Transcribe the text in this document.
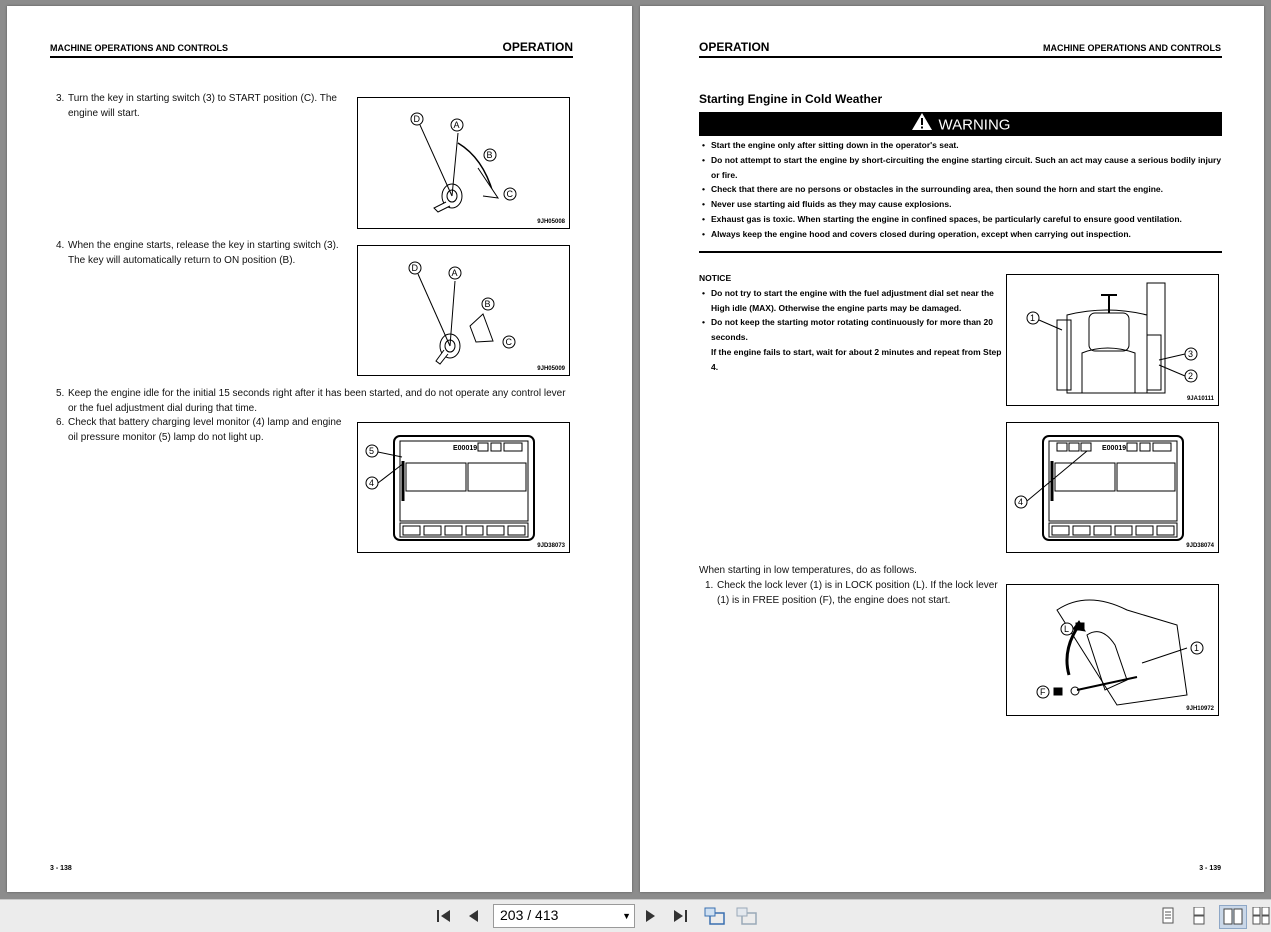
MACHINE OPERATIONS AND CONTROLS	OPERATION
3. Turn the key in starting switch (3) to START position (C). The
engine will start.
D
A
B
C
9JH05008
4. When the engine starts, release the key in starting switch (3).
The key will automatically return to ON position (B).
D	A
B
C
9JH05009
5. Keep the engine idle for the initial 15 seconds right after it has been started, and do not operate any control lever
or the fuel adjustment dial during that time.
6. Check that battery charging level monitor (4) lamp and engine
oil pressure monitor (5) lamp do not light up.
E00019
5
4
9JD38073
3 - 138
OPERATION	MACHINE OPERATIONS AND CONTROLS
Starting Engine in Cold Weather
WARNING
• Start the engine only after sitting down in the operator's seat.
• Do not attempt to start the engine by short-circuiting the engine starting circuit. Such an act may cause a serious bodily injury
or fire.
• Check that there are no persons or obstacles in the surrounding area, then sound the horn and start the engine.
• Never use starting aid fluids as they may cause explosions.
• Exhaust gas is toxic. When starting the engine in confined spaces, be particularly careful to ensure good ventilation.
• Always keep the engine hood and covers closed during operation, except when carrying out inspection.
NOTICE
• Do not try to start the engine with the fuel adjustment dial set near the
High idle (MAX). Otherwise the engine parts may be damaged.
• Do not keep the starting motor rotating continuously for more than 20
seconds.
If the engine fails to start, wait for about 2 minutes and repeat from Step
4.
1
3
2
9JA10111
E00019
4
9JD38074
When starting in low temperatures, do as follows.
1. Check the lock lever (1) is in LOCK position (L). If the lock lever
(1) is in FREE position (F), the engine does not start.
L
1
F
9JH10972
3 - 139
203 / 413	▼
